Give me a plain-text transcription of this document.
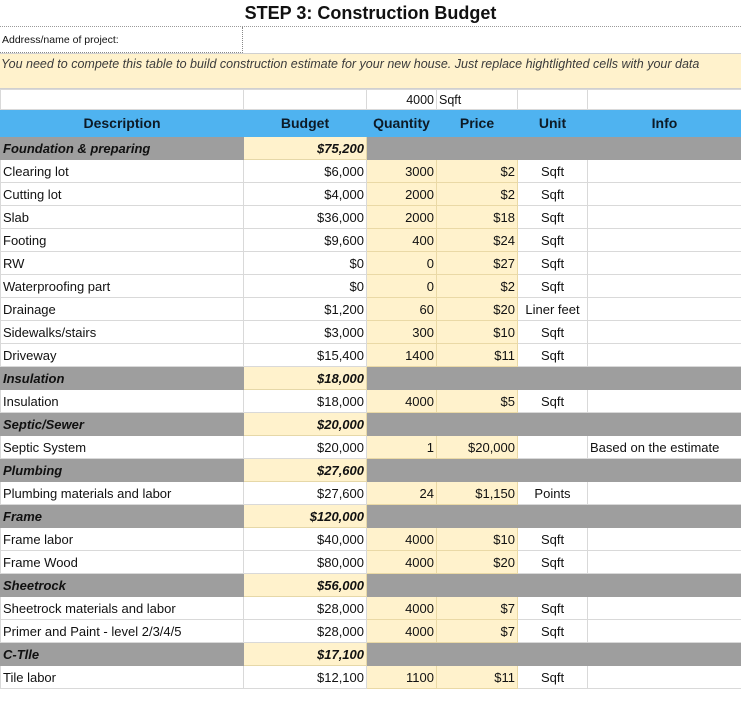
STEP 3: Construction Budget
Address/name of project:
You need to compete this table to build construction estimate for your new house. Just replace hightlighted cells with your data
		4000	Sqft		
Description	Budget	Quantity	Price	Unit	Info
Foundation & preparing	$75,200				
Clearing lot	$6,000	3000	$2	Sqft	
Cutting lot	$4,000	2000	$2	Sqft	
Slab	$36,000	2000	$18	Sqft	
Footing	$9,600	400	$24	Sqft	
RW	$0	0	$27	Sqft	
Waterproofing part	$0	0	$2	Sqft	
Drainage	$1,200	60	$20	Liner feet	
Sidewalks/stairs	$3,000	300	$10	Sqft	
Driveway	$15,400	1400	$11	Sqft	
Insulation	$18,000				
Insulation	$18,000	4000	$5	Sqft	
Septic/Sewer	$20,000				
Septic System	$20,000	1	$20,000		Based on the estimate
Plumbing	$27,600				
Plumbing materials and labor	$27,600	24	$1,150	Points	
Frame	$120,000				
Frame labor	$40,000	4000	$10	Sqft	
Frame Wood	$80,000	4000	$20	Sqft	
Sheetrock	$56,000				
Sheetrock materials and labor	$28,000	4000	$7	Sqft	
Primer and Paint - level 2/3/4/5	$28,000	4000	$7	Sqft	
C-Tlle	$17,100				
Tile labor	$12,100	1100	$11	Sqft	
